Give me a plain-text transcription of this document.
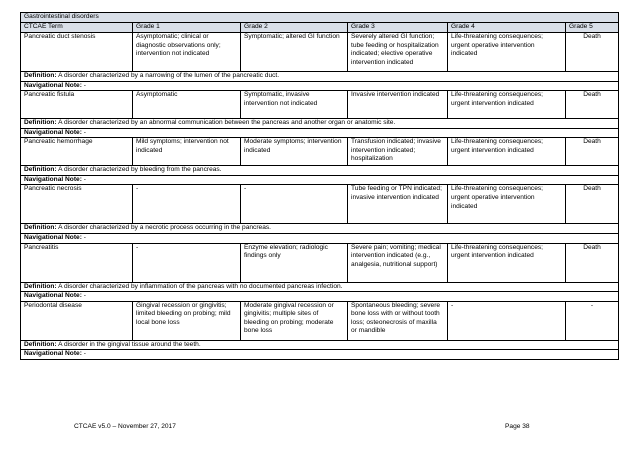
Gastrointestinal disorders					
CTCAE Term	Grade 1	Grade 2	Grade 3	Grade 4	Grade 5
Pancreatic duct stenosis	Asymptomatic; clinical or diagnostic observations only; intervention not indicated	Symptomatic; altered GI function	Severely altered GI function; tube feeding or hospitalization indicated; elective operative intervention indicated	Life-threatening consequences; urgent operative intervention indicated	Death
Definition: A disorder characterized by a narrowing of the lumen of the pancreatic duct.					
Navigational Note: -					
Pancreatic fistula	Asymptomatic	Symptomatic, invasive intervention not indicated	Invasive intervention indicated	Life-threatening consequences; urgent intervention indicated	Death
Definition: A disorder characterized by an abnormal communication between the pancreas and another organ or anatomic site.					
Navigational Note: -					
Pancreatic hemorrhage	Mild symptoms; intervention not indicated	Moderate symptoms; intervention indicated	Transfusion indicated; invasive intervention indicated; hospitalization	Life-threatening consequences; urgent intervention indicated	Death
Definition: A disorder characterized by bleeding from the pancreas.					
Navigational Note: -					
Pancreatic necrosis	-	-	Tube feeding or TPN indicated; invasive intervention indicated	Life-threatening consequences; urgent operative intervention indicated	Death
Definition: A disorder characterized by a necrotic process occurring in the pancreas.					
Navigational Note: -					
Pancreatitis	-	Enzyme elevation; radiologic findings only	Severe pain; vomiting; medical intervention indicated (e.g., analgesia, nutritional support)	Life-threatening consequences; urgent intervention indicated	Death
Definition: A disorder characterized by inflammation of the pancreas with no documented pancreas infection.					
Navigational Note: -					
Periodontal disease	Gingival recession or gingivitis; limited bleeding on probing; mild local bone loss	Moderate gingival recession or gingivitis; multiple sites of bleeding on probing; moderate bone loss	Spontaneous bleeding; severe bone loss with or without tooth loss; osteonecrosis of maxilla or mandible	-	-
Definition: A disorder in the gingival tissue around the teeth.					
Navigational Note: -					
CTCAE v5.0 – November 27, 2017	Page 38
